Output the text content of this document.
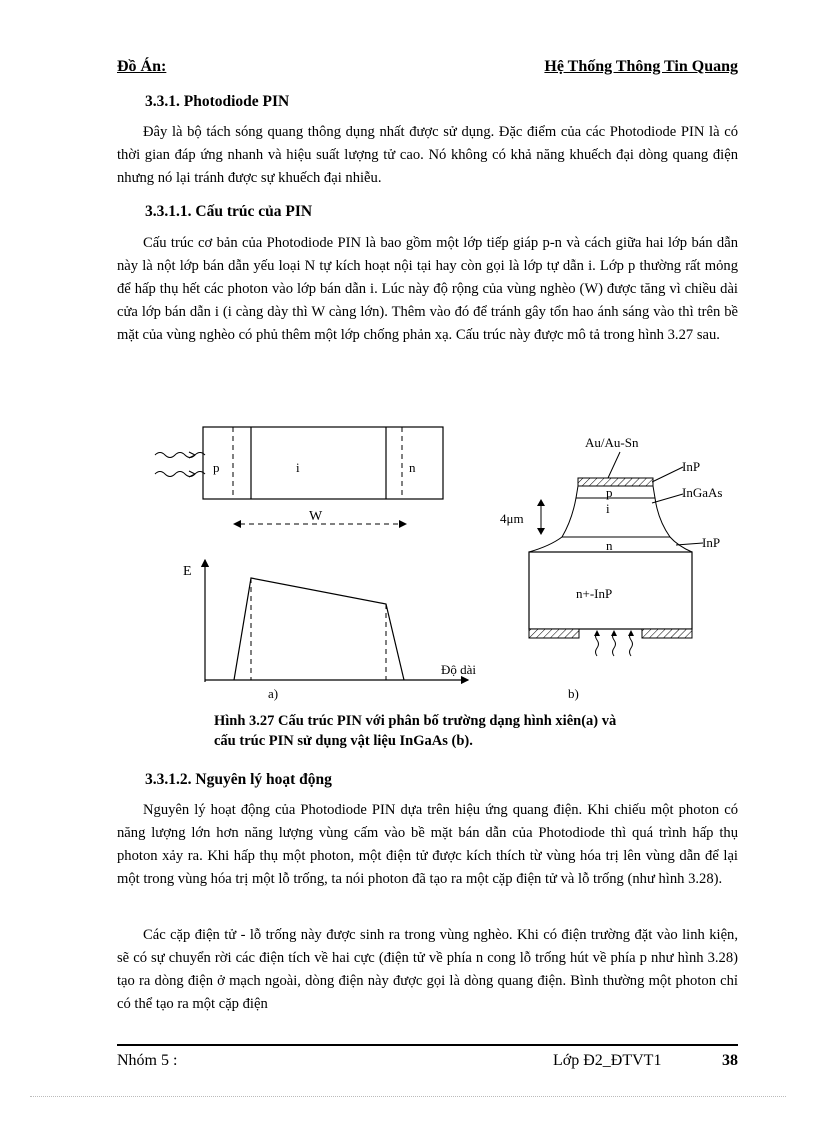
Đồ Án:	Hệ Thống Thông Tin Quang
3.3.1. Photodiode PIN
Đây là bộ tách sóng quang thông dụng nhất được sử dụng. Đặc điểm của các Photodiode PIN là có thời gian đáp ứng nhanh và hiệu suất lượng tử cao. Nó không có khả năng khuếch đại dòng quang điện nhưng nó lại tránh được sự khuếch đại nhiễu.
3.3.1.1. Cấu trúc của PIN
Cấu trúc cơ bản của Photodiode PIN là bao gồm một lớp tiếp giáp p-n và cách giữa hai lớp bán dẫn này là nột lớp bán dẫn yếu loại N tự kích hoạt nội tại hay còn gọi là lớp tự dẫn i. Lớp p thường rất mỏng để hấp thụ hết các photon vào lớp bán dẫn i. Lúc này độ rộng của vùng nghèo (W) được tăng vì chiều dài cửa lớp bán dẫn i (i càng dày thì W càng lớn). Thêm vào đó để tránh gây tổn hao ánh sáng vào thì trên bề mặt của vùng nghèo có phủ thêm một lớp chống phản xạ. Cấu trúc này được mô tả trong hình 3.27 sau.
p	i	n
W
E
Độ dài
a)
Au/Au-Sn
p
i
n
n+-InP
InP
InGaAs
InP
4μm
b)
Hình 3.27 Cấu trúc PIN với phân bố trường dạng hình xiên(a) và
cấu trúc PIN sử dụng vật liệu InGaAs (b).
3.3.1.2. Nguyên lý hoạt động
Nguyên lý hoạt động của Photodiode PIN dựa trên hiệu ứng quang điện. Khi chiếu một photon có năng lượng lớn hơn năng lượng vùng cấm vào bề mặt bán dẫn của Photodiode thì quá trình hấp thụ photon xảy ra. Khi hấp thụ một photon, một điện tử được kích thích từ vùng hóa trị lên vùng dẫn để lại một trong vùng hóa trị một lỗ trống, ta nói photon đã tạo ra một cặp điện tử và lỗ trống (như hình 3.28).
Các cặp điện tử - lỗ trống này được sinh ra trong vùng nghèo. Khi có điện trường đặt vào linh kiện, sẽ có sự chuyển rời các điện tích về hai cực (điện tử về phía n cong lỗ trống hút về phía p như hình 3.28) tạo ra dòng điện ở mạch ngoài, dòng điện này được gọi là dòng quang điện. Bình thường một photon chỉ có thể tạo ra một cặp điện
Nhóm 5 :	Lớp Đ2_ĐTVT1	38
